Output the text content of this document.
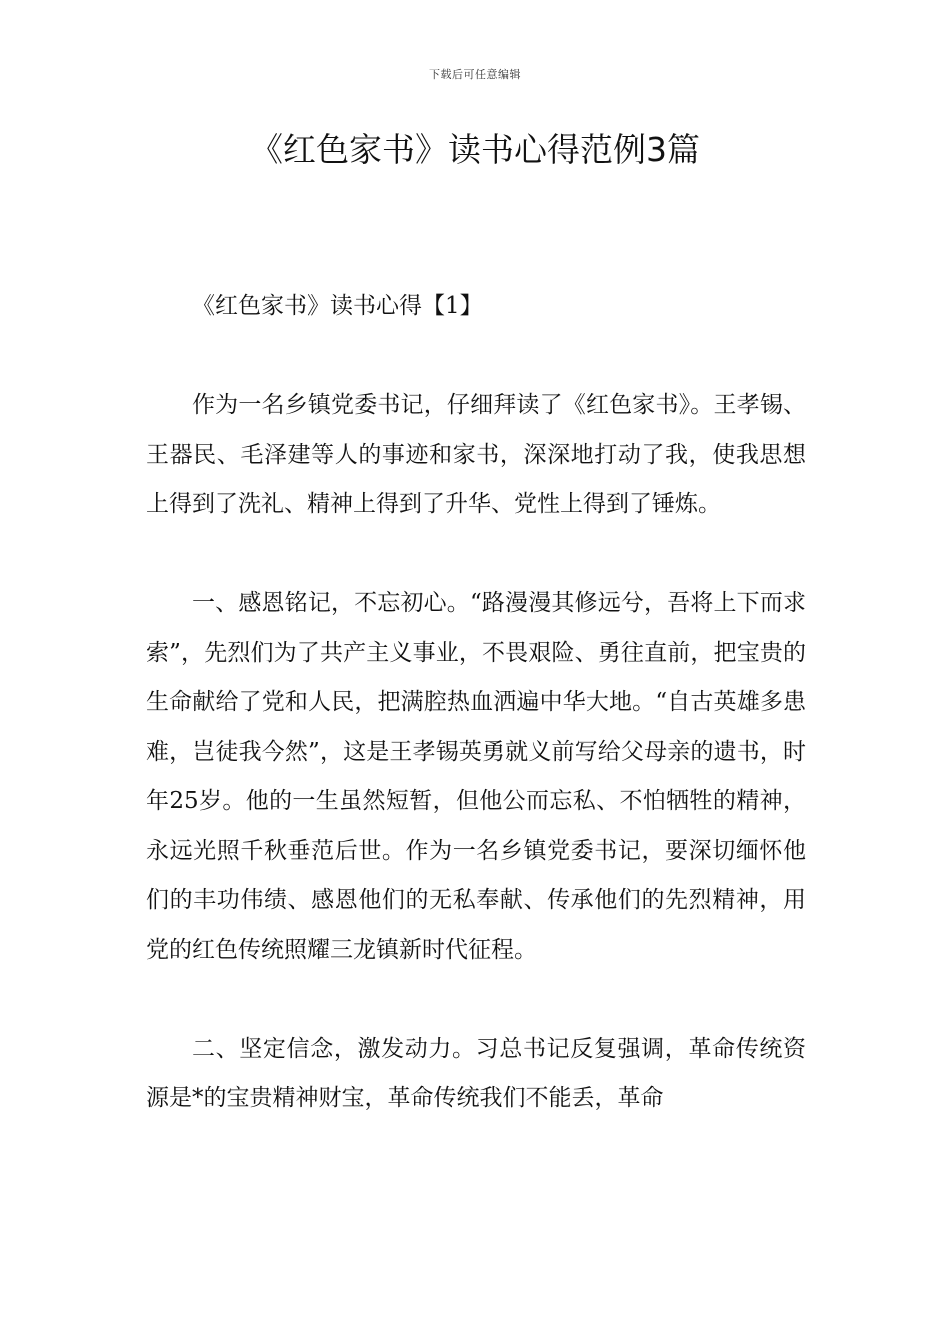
下载后可任意编辑
《红色家书》读书心得范例3篇

《红色家书》读书心得【1】

作为一名乡镇党委书记，仔细拜读了《红色家书》。王孝锡、王器民、毛泽建等人的事迹和家书，深深地打动了我，使我思想上得到了洗礼、精神上得到了升华、党性上得到了锤炼。

一、感恩铭记，不忘初心。“路漫漫其修远兮，吾将上下而求索”，先烈们为了共产主义事业，不畏艰险、勇往直前，把宝贵的生命献给了党和人民，把满腔热血洒遍中华大地。“自古英雄多患难，岂徒我今然”，这是王孝锡英勇就义前写给父母亲的遗书，时年25岁。他的一生虽然短暂，但他公而忘私、不怕牺牲的精神，永远光照千秋垂范后世。作为一名乡镇党委书记，要深切缅怀他们的丰功伟绩、感恩他们的无私奉献、传承他们的先烈精神，用党的红色传统照耀三龙镇新时代征程。

二、坚定信念，激发动力。习总书记反复强调，革命传统资源是*的宝贵精神财宝，革命传统我们不能丢，革命
